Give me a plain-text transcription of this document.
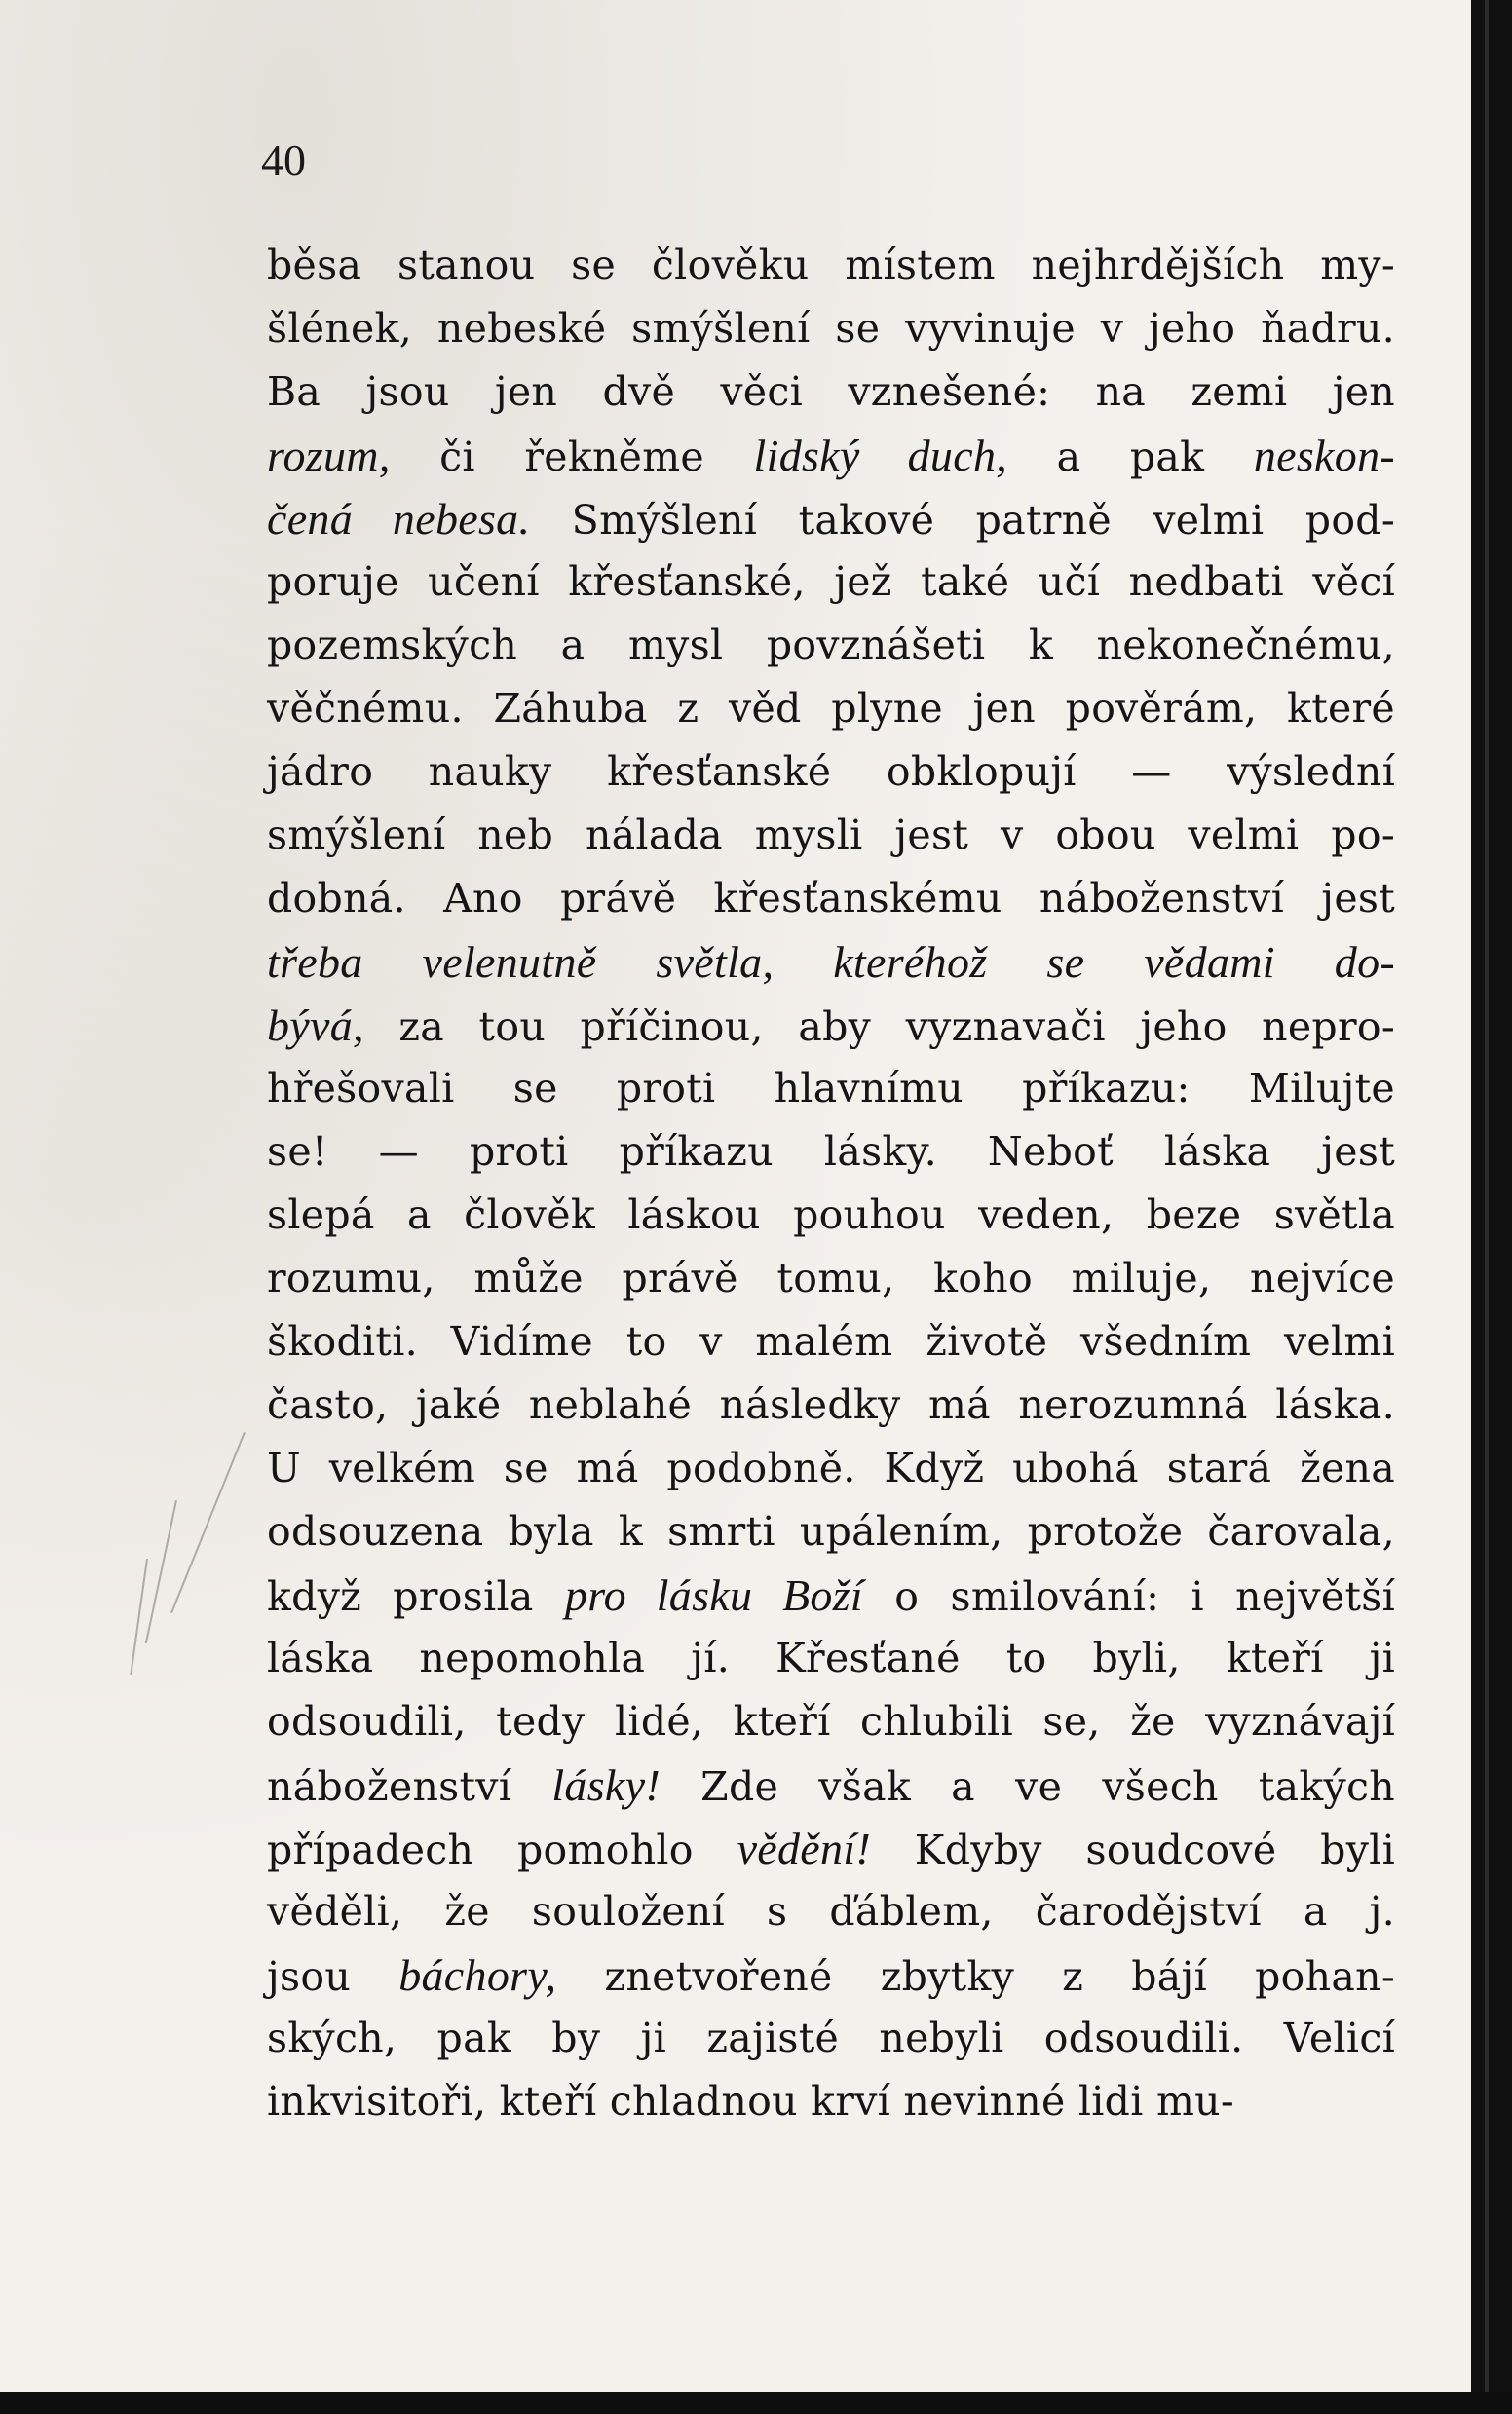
40
běsa stanou se člověku místem nejhrdějších my-
šlének, nebeské smýšlení se vyvinuje v jeho ňadru.
Ba jsou jen dvě věci vznešené: na zemi jen
rozum, či řekněme lidský duch, a pak neskon-
čená nebesa. Smýšlení takové patrně velmi pod-
poruje učení křesťanské, jež také učí nedbati věcí
pozemských a mysl povznášeti k nekonečnému,
věčnému. Záhuba z věd plyne jen pověrám, které
jádro nauky křesťanské obklopují — výslední
smýšlení neb nálada mysli jest v obou velmi po-
dobná. Ano právě křesťanskému náboženství jest
třeba velenutně světla, kteréhož se vědami do-
bývá, za tou příčinou, aby vyznavači jeho nepro-
hřešovali se proti hlavnímu příkazu: Milujte
se! — proti příkazu lásky. Neboť láska jest
slepá a člověk láskou pouhou veden, beze světla
rozumu, může právě tomu, koho miluje, nejvíce
škoditi. Vidíme to v malém životě všedním velmi
často, jaké neblahé následky má nerozumná láska.
U velkém se má podobně. Když ubohá stará žena
odsouzena byla k smrti upálením, protože čarovala,
když prosila pro lásku Boží o smilování: i největší
láska nepomohla jí. Křesťané to byli, kteří ji
odsoudili, tedy lidé, kteří chlubili se, že vyznávají
náboženství lásky! Zde však a ve všech takých
případech pomohlo vědění! Kdyby soudcové byli
věděli, že souložení s ďáblem, čarodějství a j.
jsou báchory, znetvořené zbytky z bájí pohan-
ských, pak by ji zajisté nebyli odsoudili. Velicí
inkvisitoři, kteří chladnou krví nevinné lidi mu-
